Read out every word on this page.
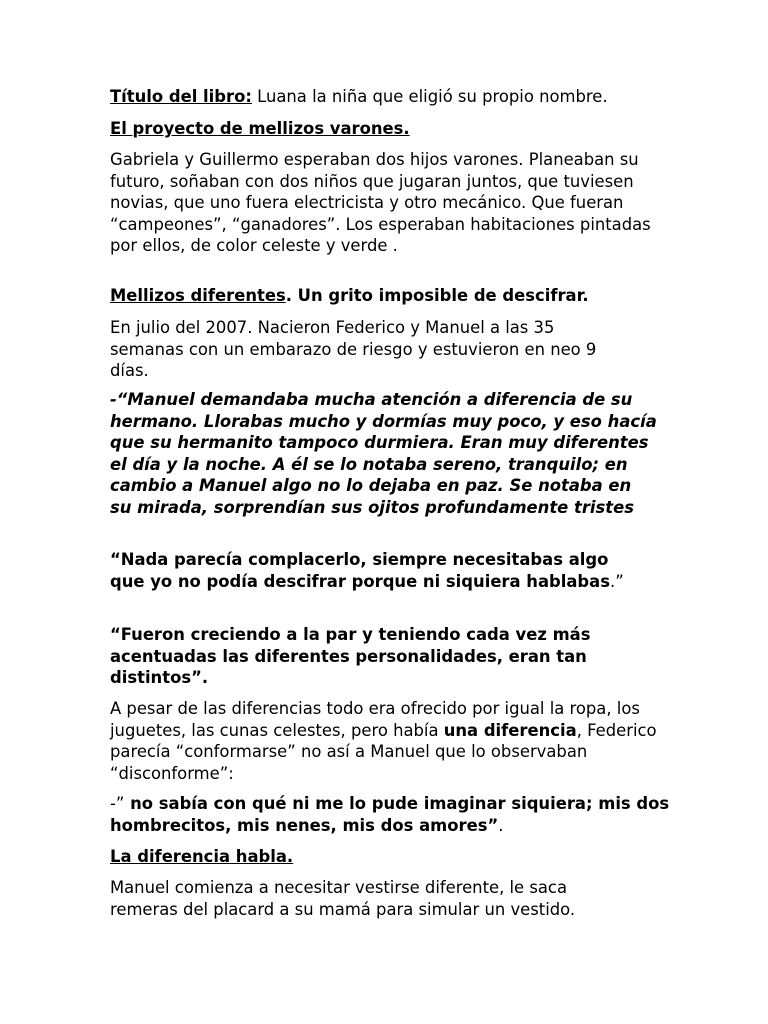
Título del libro: Luana la niña que eligió su propio nombre.

El proyecto de mellizos varones.

Gabriela y Guillermo esperaban dos hijos varones. Planeaban su futuro, soñaban con dos niños que jugaran juntos, que tuviesen novias, que uno fuera electricista y otro mecánico. Que fueran “campeones”, “ganadores”. Los esperaban habitaciones pintadas por ellos, de color celeste y verde .

Mellizos diferentes. Un grito imposible de descifrar.

En julio del 2007. Nacieron Federico y Manuel a las 35 semanas con un embarazo de riesgo y estuvieron en neo 9 días.

-“Manuel demandaba mucha atención a diferencia de su hermano. Llorabas mucho y dormías muy poco, y eso hacía que su hermanito tampoco durmiera. Eran muy diferentes el día y la noche. A él se lo notaba sereno, tranquilo; en cambio a Manuel algo no lo dejaba en paz. Se notaba en su mirada, sorprendían sus ojitos profundamente tristes

“Nada parecía complacerlo, siempre necesitabas algo que yo no podía descifrar porque ni siquiera hablabas.”

“Fueron creciendo a la par y teniendo cada vez más acentuadas las diferentes personalidades, eran tan distintos”.

A pesar de las diferencias todo era ofrecido por igual la ropa, los juguetes, las cunas celestes, pero había una diferencia, Federico parecía “conformarse” no así a Manuel que lo observaban “disconforme”:

-” no sabía con qué ni me lo pude imaginar siquiera; mis dos hombrecitos, mis nenes, mis dos amores”.

La diferencia habla.

Manuel comienza a necesitar vestirse diferente, le saca remeras del placard a su mamá para simular un vestido.
